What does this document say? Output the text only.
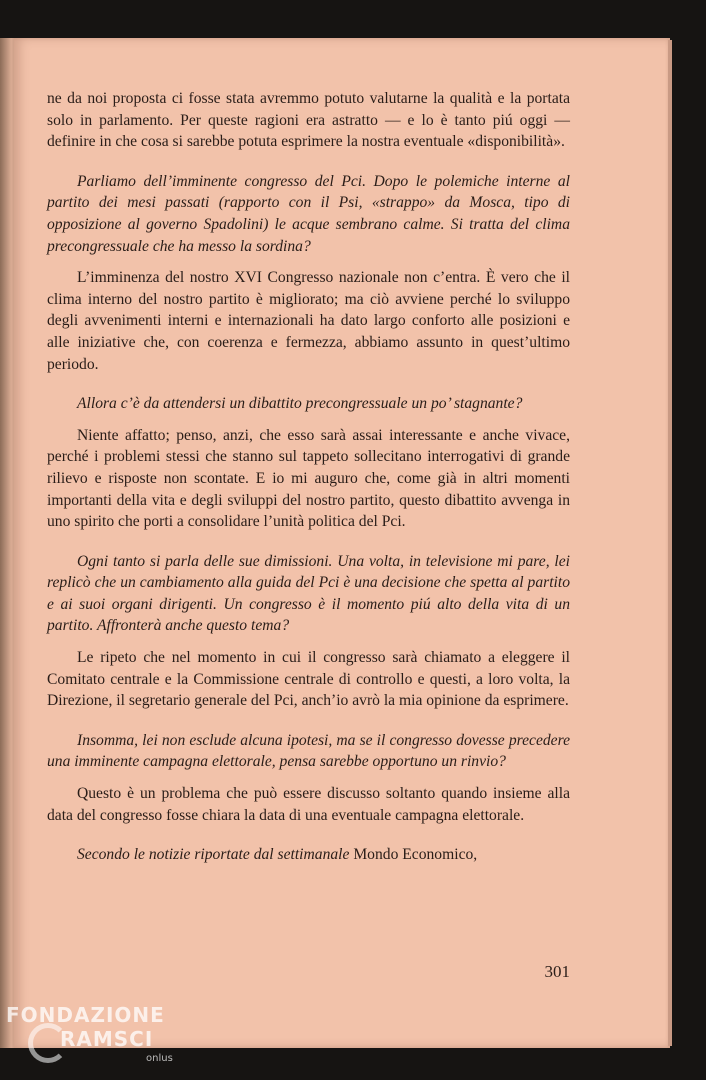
ne da noi proposta ci fosse stata avremmo potuto valutarne la qualità e la portata solo in parlamento. Per queste ragioni era astratto — e lo è tanto piú oggi — definire in che cosa si sarebbe potuta esprimere la nostra eventuale «disponibilità».

Parliamo dell’imminente congresso del Pci. Dopo le polemiche interne al partito dei mesi passati (rapporto con il Psi, «strappo» da Mosca, tipo di opposizione al governo Spadolini) le acque sembrano calme. Si tratta del clima precongressuale che ha messo la sordina?

L’imminenza del nostro XVI Congresso nazionale non c’entra. È vero che il clima interno del nostro partito è migliorato; ma ciò avviene perché lo sviluppo degli avvenimenti interni e internazionali ha dato largo conforto alle posizioni e alle iniziative che, con coerenza e fermezza, abbiamo assunto in quest’ultimo periodo.

Allora c’è da attendersi un dibattito precongressuale un po’ stagnante?

Niente affatto; penso, anzi, che esso sarà assai interessante e anche vivace, perché i problemi stessi che stanno sul tappeto sollecitano interrogativi di grande rilievo e risposte non scontate. E io mi auguro che, come già in altri momenti importanti della vita e degli sviluppi del nostro partito, questo dibattito avvenga in uno spirito che porti a consolidare l’unità politica del Pci.

Ogni tanto si parla delle sue dimissioni. Una volta, in televisione mi pare, lei replicò che un cambiamento alla guida del Pci è una decisione che spetta al partito e ai suoi organi dirigenti. Un congresso è il momento piú alto della vita di un partito. Affronterà anche questo tema?

Le ripeto che nel momento in cui il congresso sarà chiamato a eleggere il Comitato centrale e la Commissione centrale di controllo e questi, a loro volta, la Direzione, il segretario generale del Pci, anch’io avrò la mia opinione da esprimere.

Insomma, lei non esclude alcuna ipotesi, ma se il congresso dovesse precedere una imminente campagna elettorale, pensa sarebbe opportuno un rinvio?

Questo è un problema che può essere discusso soltanto quando insieme alla data del congresso fosse chiara la data di una eventuale campagna elettorale.

Secondo le notizie riportate dal settimanale Mondo Economico,

301
FONDAZIONE
RAMSCI
onlus
